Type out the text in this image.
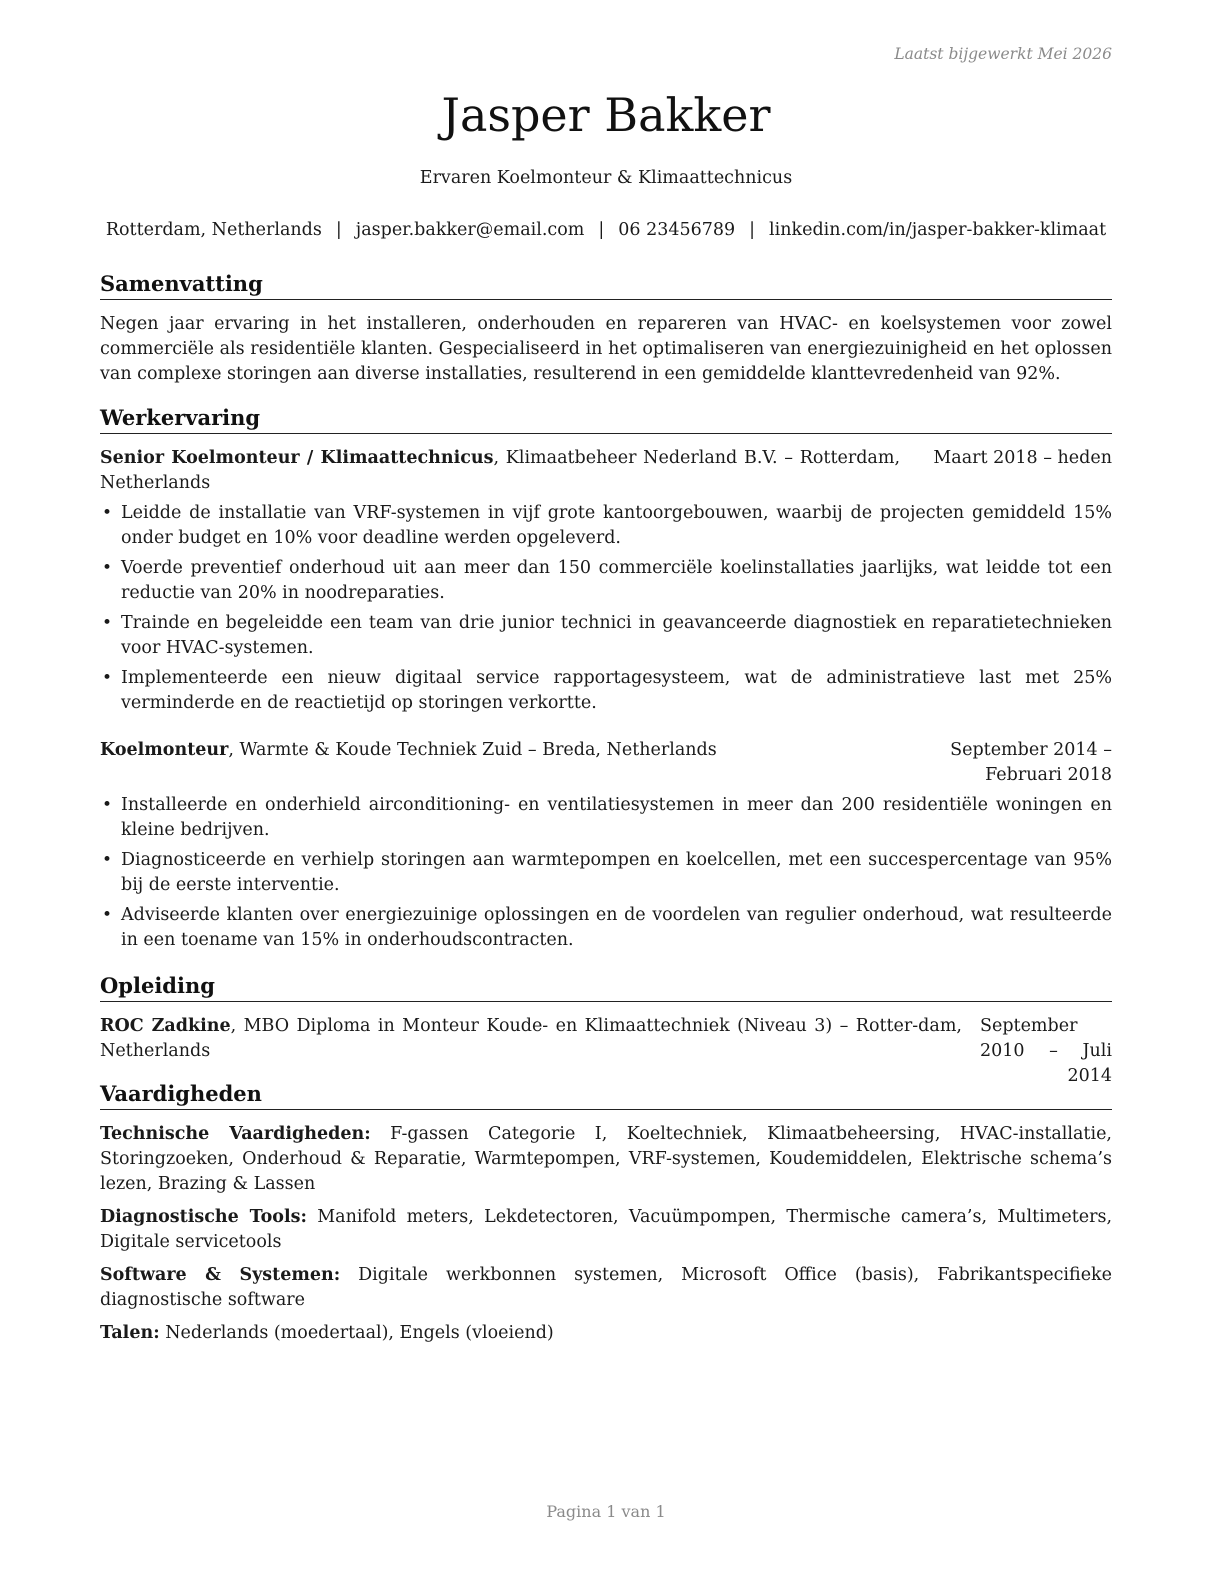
Laatst bijgewerkt Mei 2026
Jasper Bakker
Ervaren Koelmonteur & Klimaattechnicus
Rotterdam, Netherlands | jasper.bakker@email.com | 06 23456789 | linkedin.com/in/jasper-bakker-klimaat
Samenvatting

Negen jaar ervaring in het installeren, onderhouden en repareren van HVAC- en koelsystemen voor zowel commerciële als residentiële klanten. Gespecialiseerd in het optimaliseren van energiezuinigheid en het oplossen van complexe storingen aan diverse installaties, resulterend in een gemiddelde klanttevredenheid van 92%.

Werkervaring
Senior Koelmonteur / Klimaattechnicus, Klimaatbeheer Nederland B.V. – Rotterdam, Netherlands
Maart 2018 – heden
• Leidde de installatie van VRF-systemen in vijf grote kantoorgebouwen, waarbij de projecten gemiddeld 15% onder budget en 10% voor deadline werden opgeleverd.
• Voerde preventief onderhoud uit aan meer dan 150 commerciële koelinstallaties jaarlijks, wat leidde tot een reductie van 20% in noodreparaties.
• Trainde en begeleidde een team van drie junior technici in geavanceerde diagnostiek en reparatietechnieken voor HVAC-systemen.
• Implementeerde een nieuw digitaal service rapportagesysteem, wat de administratieve last met 25% verminderde en de reactietijd op storingen verkortte.
Koelmonteur, Warmte & Koude Techniek Zuid – Breda, Netherlands	September 2014 – Februari 2018
• Installeerde en onderhield airconditioning- en ventilatiesystemen in meer dan 200 residentiële woningen en kleine bedrijven.
• Diagnosticeerde en verhielp storingen aan warmtepompen en koelcellen, met een succespercentage van 95% bij de eerste interventie.
• Adviseerde klanten over energiezuinige oplossingen en de voordelen van regulier onderhoud, wat resulteerde in een toename van 15% in onderhoudscontracten.
Opleiding
ROC Zadkine, MBO Diploma in Monteur Koude- en Klimaattechniek (Niveau 3) – Rotter-dam, Netherlands
September 2010 – Juli 2014
Vaardigheden

Technische Vaardigheden: F-gassen Categorie I, Koeltechniek, Klimaatbeheersing, HVAC-installatie, Storingzoeken, Onderhoud & Reparatie, Warmtepompen, VRF-systemen, Koudemiddelen, Elektrische schema’s lezen, Brazing & Lassen

Diagnostische Tools: Manifold meters, Lekdetectoren, Vacuümpompen, Thermische camera’s, Multimeters, Digitale servicetools

Software & Systemen: Digitale werkbonnen systemen, Microsoft Office (basis), Fabrikantspecifieke diagnostische software

Talen: Nederlands (moedertaal), Engels (vloeiend)

Pagina 1 van 1
